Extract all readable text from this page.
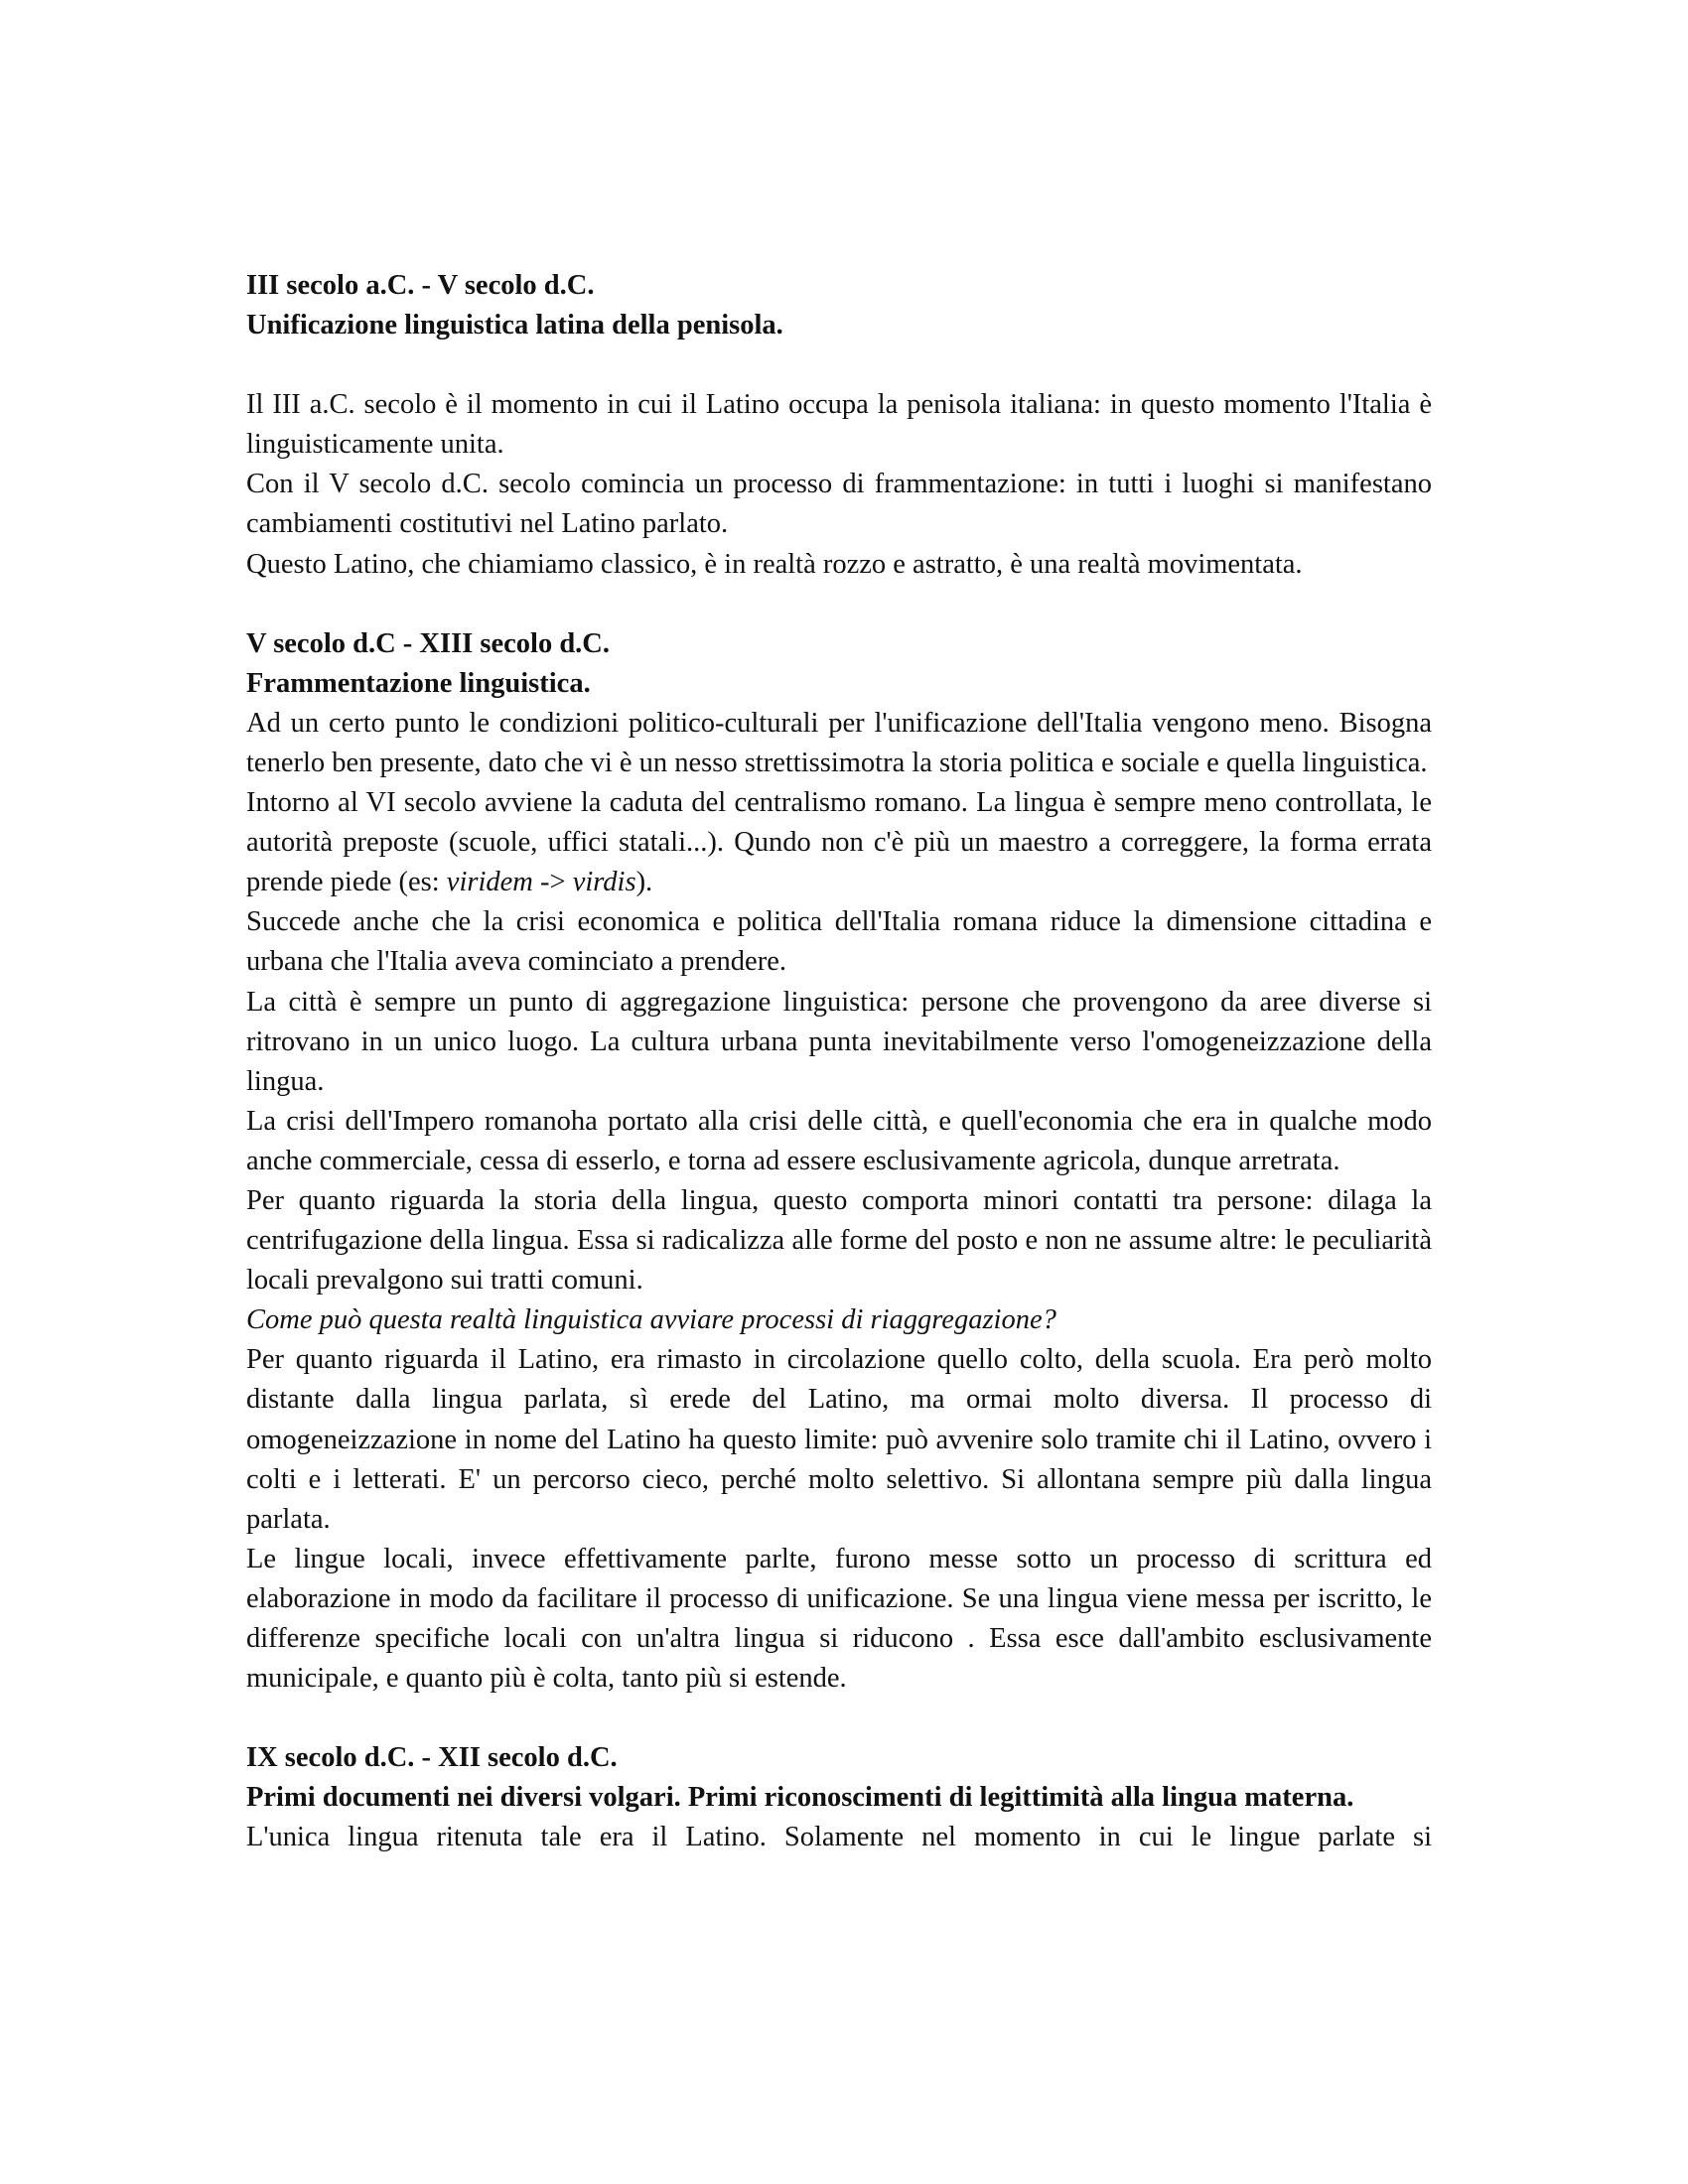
III secolo a.C. - V secolo d.C.

Unificazione linguistica latina della penisola.

Il III a.C. secolo è il momento in cui il Latino occupa la penisola italiana: in questo momento l'Italia è linguisticamente unita.

Con il V secolo d.C. secolo comincia un processo di frammentazione: in tutti i luoghi si manifestano cambiamenti costitutivi nel Latino parlato.

Questo Latino, che chiamiamo classico, è in realtà rozzo e astratto, è una realtà movimentata.

V secolo d.C - XIII secolo d.C.

Frammentazione linguistica.

Ad un certo punto le condizioni politico-culturali per l'unificazione dell'Italia vengono meno. Bisogna tenerlo ben presente, dato che vi è un nesso strettissimotra la storia politica e sociale e quella linguistica.

Intorno al VI secolo avviene la caduta del centralismo romano. La lingua è sempre meno controllata, le autorità preposte (scuole, uffici statali...). Qundo non c'è più un maestro a correggere, la forma errata prende piede (es: viridem -> virdis).

Succede anche che la crisi economica e politica dell'Italia romana riduce la dimensione cittadina e urbana che l'Italia aveva cominciato a prendere.

La città è sempre un punto di aggregazione linguistica: persone che provengono da aree diverse si ritrovano in un unico luogo. La cultura urbana punta inevitabilmente verso l'omogeneizzazione della lingua.

La crisi dell'Impero romanoha portato alla crisi delle città, e quell'economia che era in qualche modo anche commerciale, cessa di esserlo, e torna ad essere esclusivamente agricola, dunque arretrata.

Per quanto riguarda la storia della lingua, questo comporta minori contatti tra persone: dilaga la centrifugazione della lingua. Essa si radicalizza alle forme del posto e non ne assume altre: le peculiarità locali prevalgono sui tratti comuni.

Come può questa realtà linguistica avviare processi di riaggregazione?

Per quanto riguarda il Latino, era rimasto in circolazione quello colto, della scuola. Era però molto distante dalla lingua parlata, sì erede del Latino, ma ormai molto diversa. Il processo di omogeneizzazione in nome del Latino ha questo limite: può avvenire solo tramite chi il Latino, ovvero i colti e i letterati. E' un percorso cieco, perché molto selettivo. Si allontana sempre più dalla lingua parlata.

Le lingue locali, invece effettivamente parlte, furono messe sotto un processo di scrittura ed elaborazione in modo da facilitare il processo di unificazione. Se una lingua viene messa per iscritto, le differenze specifiche locali con un'altra lingua si riducono . Essa esce dall'ambito esclusivamente municipale, e quanto più è colta, tanto più si estende.

IX secolo d.C. - XII secolo d.C.

Primi documenti nei diversi volgari. Primi riconoscimenti di legittimità alla lingua materna.

L'unica lingua ritenuta tale era il Latino. Solamente nel momento in cui le lingue parlate si
